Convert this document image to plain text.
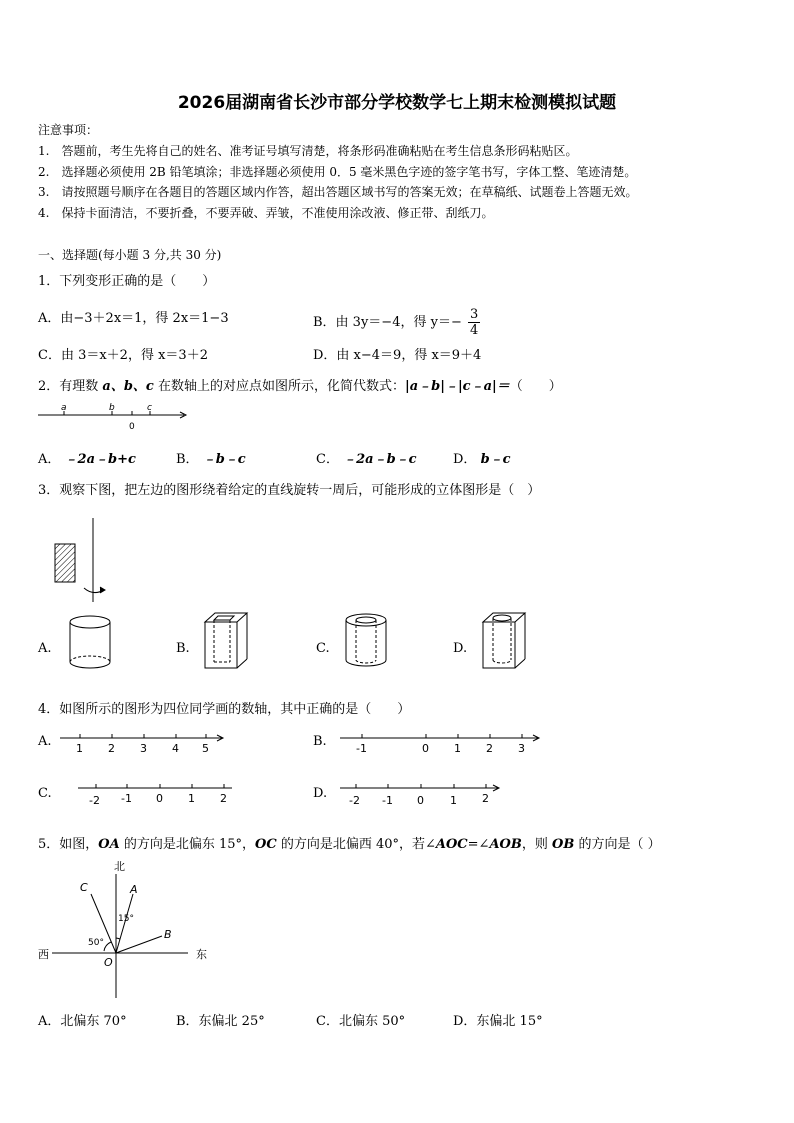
2026届湖南省长沙市部分学校数学七上期末检测模拟试题
注意事项：
1.　答题前，考生先将自己的姓名、准考证号填写清楚，将条形码准确粘贴在考生信息条形码粘贴区。
2.　选择题必须使用 2B 铅笔填涂；非选择题必须使用 0．5 毫米黑色字迹的签字笔书写，字体工整、笔迹清楚。
3.　请按照题号顺序在各题目的答题区域内作答，超出答题区域书写的答案无效；在草稿纸、试题卷上答题无效。
4.　保持卡面清洁，不要折叠，不要弄破、弄皱，不准使用涂改液、修正带、刮纸刀。
一、选择题(每小题 3 分,共 30 分)
1．下列变形正确的是（　　）
A．由−3＋2x＝1，得 2x＝1−3	B．由 3y＝−4，得 $y=- \frac{3}{4}$
C．由 3＝x＋2，得 x＝3＋2	D．由 x−4＝9，得 x＝9＋4
2．有理数 a、b、c 在数轴上的对应点如图所示，化简代数式：|a﹣b|﹣|c﹣a|＝（　　）
a	b	c
0
A． ﹣2a﹣b+c	B． ﹣b﹣c	C． ﹣2a﹣b﹣c	D． b﹣c
3．观察下图，把左边的图形绕着给定的直线旋转一周后，可能形成的立体图形是（　）
A.	B.	C.	D.
4．如图所示的图形为四位同学画的数轴，其中正确的是（　　）
A. 1 2 3 4 5	B.	-1	0 1 2 3
C.	-2 -1 0 1 2	D. -2 -1 0 1 2
5．如图，OA 的方向是北偏东 15°，OC 的方向是北偏西 40°，若∠AOC=∠AOB，则 OB 的方向是（ ）
北
西	东
O
A
B
C
15°
50°
A．北偏东 70°	B．东偏北 25°	C．北偏东 50°	D．东偏北 15°
